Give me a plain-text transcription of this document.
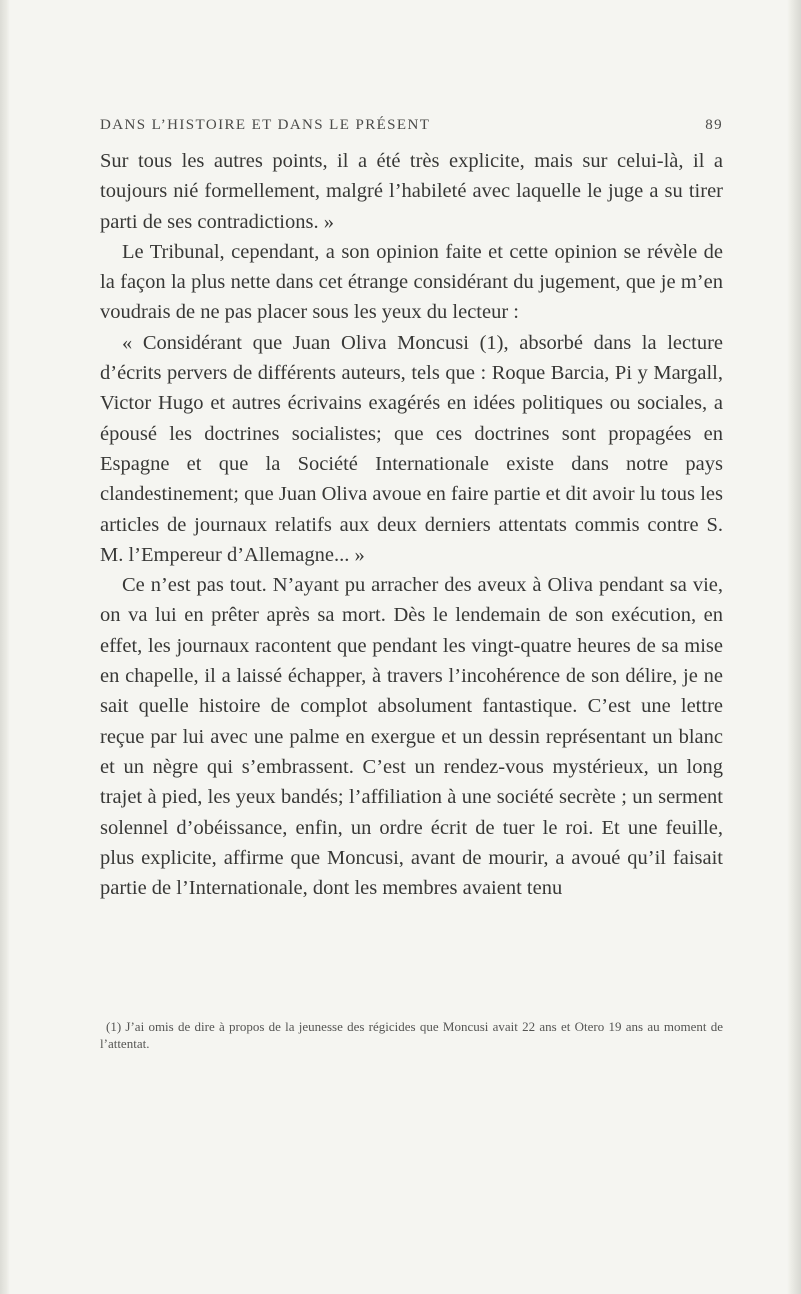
DANS L’HISTOIRE ET DANS LE PRÉSENT	89

Sur tous les autres points, il a été très explicite, mais sur celui-là, il a toujours nié formellement, malgré l’habileté avec laquelle le juge a su tirer parti de ses contradictions. »

Le Tribunal, cependant, a son opinion faite et cette opinion se révèle de la façon la plus nette dans cet étrange considérant du jugement, que je m’en voudrais de ne pas placer sous les yeux du lecteur :

« Considérant que Juan Oliva Moncusi (1), absorbé dans la lecture d’écrits pervers de différents auteurs, tels que : Roque Barcia, Pi y Margall, Victor Hugo et autres écrivains exagérés en idées politiques ou sociales, a épousé les doctrines socialistes; que ces doctrines sont propagées en Espagne et que la Société Internationale existe dans notre pays clandestinement; que Juan Oliva avoue en faire partie et dit avoir lu tous les articles de journaux relatifs aux deux derniers attentats commis contre S. M. l’Empereur d’Allemagne... »

Ce n’est pas tout. N’ayant pu arracher des aveux à Oliva pendant sa vie, on va lui en prêter après sa mort. Dès le lendemain de son exécution, en effet, les journaux racontent que pendant les vingt-quatre heures de sa mise en chapelle, il a laissé échapper, à travers l’incohérence de son délire, je ne sait quelle histoire de complot absolument fantastique. C’est une lettre reçue par lui avec une palme en exergue et un dessin représentant un blanc et un nègre qui s’embrassent. C’est un rendez-vous mystérieux, un long trajet à pied, les yeux bandés; l’affiliation à une société secrète ; un serment solennel d’obéissance, enfin, un ordre écrit de tuer le roi. Et une feuille, plus explicite, affirme que Moncusi, avant de mourir, a avoué qu’il faisait partie de l’Internationale, dont les membres avaient tenu

(1) J’ai omis de dire à propos de la jeunesse des régicides que Moncusi avait 22 ans et Otero 19 ans au moment de l’attentat.
